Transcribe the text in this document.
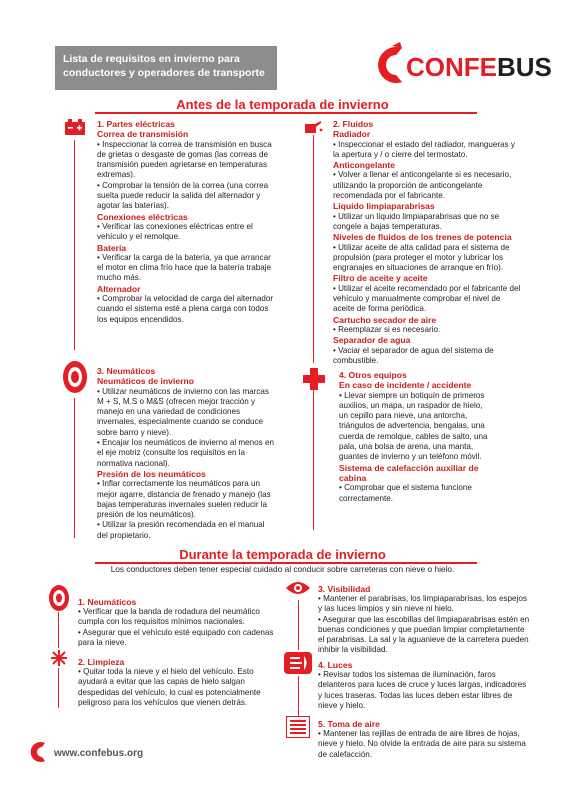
Lista de requisitos en invierno para
conductores y operadores de transporte	CONFEBUS
Antes de la temporada de invierno

1. Partes eléctricas

Correa de transmisión

• Inspeccionar la correa de transmisión en busca de grietas o desgaste de gomas (las correas de transmisión pueden agrietarse en temperaturas extremas).

• Comprobar la tensión de la correa (una correa suelta puede reducir la salida del alternador y agotar las baterías).

Conexiones eléctricas

• Verificar las conexiones eléctricas entre el vehículo y el remolque.

Batería

• Verificar la carga de la batería, ya que arrancar el motor en clima frío hace que la batería trabaje mucho más.

Alternador

• Comprobar la velocidad de carga del alternador cuando el sistema esté a plena carga con todos los equipos encendidos.

3. Neumáticos

Neumáticos de invierno

• Utilizar neumáticos de invierno con las marcas M + S, M.S o M&S (ofrecen mejor tracción y manejo en una variedad de condiciones invernales, especialmente cuando se conduce sobre barro y nieve).

• Encajar los neumáticos de invierno al menos en el eje motriz (consulte los requisitos en la normativa nacional).

Presión de los neumáticos

• Inflar correctamente los neumáticos para un mejor agarre, distancia de frenado y manejo (las bajas temperaturas invernales suelen reducir la presión de los neumáticos).

• Utilizar la presión recomendada en el manual del propietario.

2. Fluidos

Radiador

• Inspeccionar el estado del radiador, mangueras y la apertura y / o cierre del termostato.

Anticongelante

• Volver a llenar el anticongelante si es necesario, utilizando la proporción de anticongelante recomendada por el fabricante.

Líquido limpiaparabrisas

• Utilizar un líquido limpiaparabrisas que no se congele a bajas temperaturas.

Niveles de fluidos de los trenes de potencia

• Utilizar aceite de alta calidad para el sistema de propulsión (para proteger el motor y lubricar los engranajes en situaciones de arranque en frío).

Filtro de aceite y aceite

• Utilizar el aceite recomendado por el fabricante del vehículo y manualmente comprobar el nivel de aceite de forma periódica.

Cartucho secador de aire

• Reemplazar si es necesario.

Separador de agua

• Vaciar el separador de agua del sistema de combustible.

4. Otros equipos

En caso de incidente / accidente

• Llevar siempre un botiquín de primeros auxilios, un mapa, un raspador de hielo, un cepillo para nieve, una antorcha, triángulos de advertencia, bengalas, una cuerda de remolque, cables de salto, una pala, una bolsa de arena, una manta, guantes de invierno y un teléfono móvil.

Sistema de calefacción auxiliar de cabina

• Comprobar que el sistema funcione correctamente.

Durante la temporada de invierno
Los conductores deben tener especial cuidado al conducir sobre carreteras con nieve o hielo.

1. Neumáticos

• Verificar que la banda de rodadura del neumático cumpla con los requisitos mínimos nacionales.

• Asegurar que el vehículo esté equipado con cadenas para la nieve.

2. Limpieza

• Quitar toda la nieve y el hielo del vehículo. Esto ayudará a evitar que las capas de hielo salgan despedidas del vehículo, lo cual es potencialmente peligroso para los vehículos que vienen detrás.

3. Visibilidad

• Mantener el parabrisas, los limpiaparabrisas, los espejos y las luces limpios y sin nieve ni hielo.

• Asegurar que las escobillas del limpiaparabrisas estén en buenas condiciones y que puedan limpiar completamente el parabrisas. La sal y la aguanieve de la carretera pueden inhibir la visibilidad.

4. Luces

• Revisar todos los sistemas de iluminación, faros delanteros para luces de cruce y luces largas, indicadores y luces traseras. Todas las luces deben estar libres de nieve y hielo.

5. Toma de aire

• Mantener las rejillas de entrada de aire libres de hojas, nieve y hielo. No olvide la entrada de aire para su sistema de calefacción.

www.confebus.org
